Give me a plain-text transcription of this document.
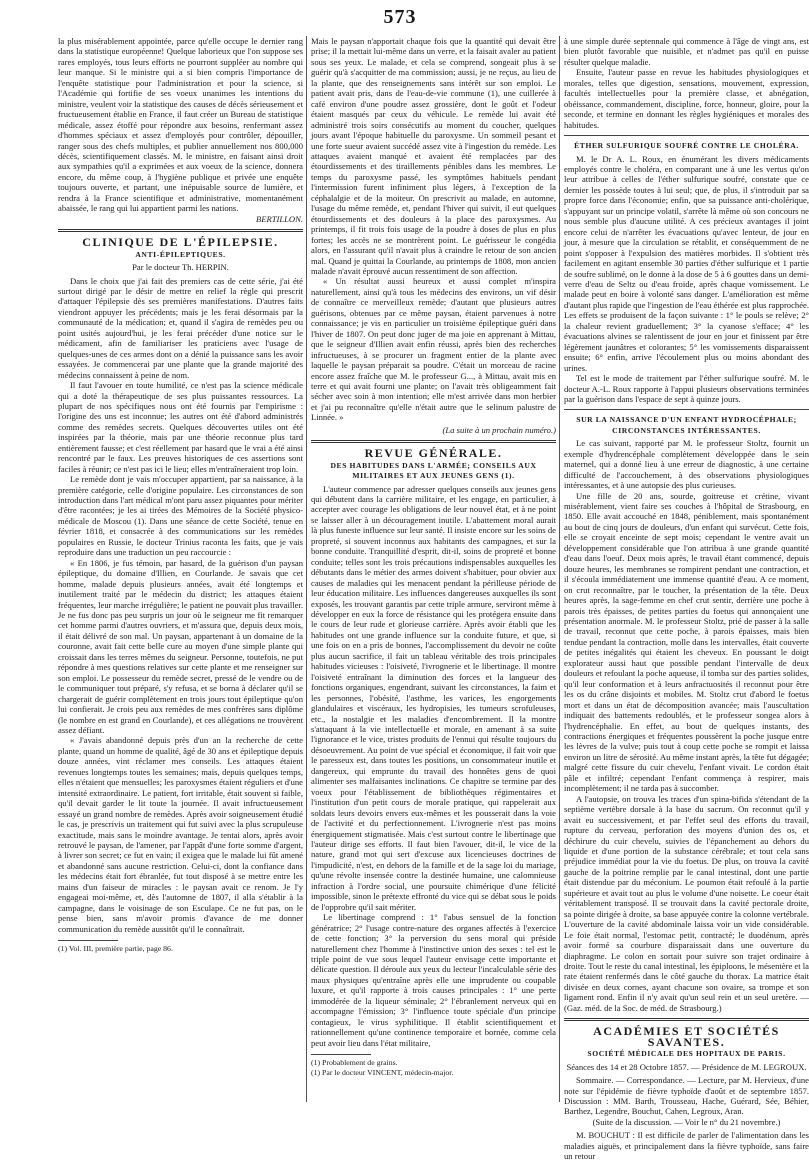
573

la plus misérablement appointée, parce qu'elle occupe le dernier rang dans la statistique européenne! Quelque laborieux que l'on suppose ses rares employés, tous leurs efforts ne pourront suppléer au nombre qui leur manque. Si le ministre qui a si bien compris l'importance de l'enquête statistique pour l'administration et pour la science, si l'Académie qui fortifie de ses voeux unanimes les intentions du ministre, veulent voir la statistique des causes de décès sérieusement et fructueusement établie en France, il faut créer un Bureau de statistique médicale, assez étoffé pour répondre aux besoins, renfermant assez d'hommes spéciaux et assez d'employés pour contrôler, dépouiller, ranger sous des chefs multiples, et publier annuellement nos 800,000 décès, scientifiquement classés. M. le ministre, en faisant ainsi droit aux sympathies qu'il a exprimées et aux voeux de la science, donnera encore, du même coup, à l'hygiène publique et privée une enquête toujours ouverte, et partant, une inépuisable source de lumière, et rendra à la France scientifique et administrative, momentanément abaissée, le rang qui lui appartient parmi les nations.

BERTILLON.

CLINIQUE DE L'ÉPILEPSIE.
ANTI-ÉPILEPTIQUES.
Par le docteur Th. HERPIN.

Dans le choix que j'ai fait des premiers cas de cette série, j'ai été surtout dirigé par le désir de mettre en relief la règle qui prescrit d'attaquer l'épilepsie dès ses premières manifestations. D'autres faits viendront appuyer les précédents; mais je les ferai désormais par la communauté de la médication; et, quand il s'agira de remèdes peu ou point usités aujourd'hui, je les ferai précéder d'une notice sur le médicament, afin de familiariser les praticiens avec l'usage de quelques-unes de ces armes dont on a dénié la puissance sans les avoir essayées. Je commencerai par une plante que la grande majorité des médecins connaissent à peine de nom.

Il faut l'avouer en toute humilité, ce n'est pas la science médicale qui a doté la thérapeutique de ses plus puissantes ressources. La plupart de nos spécifiques nous ont été fournis par l'empirisme : l'origine des uns est inconnue; les autres ont été d'abord administrés comme des remèdes secrets. Quelques découvertes utiles ont été inspirées par la théorie, mais par une théorie reconnue plus tard entièrement fausse; et c'est réellement par hasard que le vrai a été ainsi rencontré par le faux. Les preuves historiques de ces assertions sont faciles à réunir; ce n'est pas ici le lieu; elles m'entraîneraient trop loin.

Le remède dont je vais m'occuper appartient, par sa naissance, à la première catégorie, celle d'origine populaire. Les circonstances de son introduction dans l'art médical m'ont paru assez piquantes pour mériter d'être racontées; je les ai tirées des Mémoires de la Société physico-médicale de Moscou (1). Dans une séance de cette Société, tenue en février 1818, et consacrée à des communications sur les remèdes populaires en Russie, le docteur Trinius raconta les faits, que je vais reproduire dans une traduction un peu raccourcie :

« En 1806, je fus témoin, par hasard, de la guérison d'un paysan épileptique, du domaine d'Illien, en Courlande. Je savais que cet homme, malade depuis plusieurs années, avait été longtemps et inutilement traité par le médecin du district; les attaques étaient fréquentes, leur marche irrégulière; le patient ne pouvait plus travailler. Je ne fus donc pas peu surpris un jour où le seigneur me fit remarquer cet homme parmi d'autres ouvriers, et m'assura que, depuis deux mois, il était délivré de son mal. Un paysan, appartenant à un domaine de la couronne, avait fait cette belle cure au moyen d'une simple plante qui croissait dans les terres mêmes du seigneur. Personne, toutefois, ne put répondre à mes questions relatives sur cette plante et me renseigner sur son emploi. Le possesseur du remède secret, pressé de le vendre ou de le communiquer tout préparé, s'y refusa, et se borna à déclarer qu'il se chargerait de guérir complètement en trois jours tout épileptique qu'on lui confierait. Je crois peu aux remèdes de mes confrères sans diplôme (le nombre en est grand en Courlande), et ces allégations ne trouvèrent assez défiant.

« J'avais abandonné depuis près d'un an la recherche de cette plante, quand un homme de qualité, âgé de 30 ans et épileptique depuis douze années, vint réclamer mes conseils. Les attaques étaient revenues longtemps toutes les semaines; mais, depuis quelques temps, elles n'étaient que mensuelles; les paroxysmes étaient réguliers et d'une intensité extraordinaire. Le patient, fort irritable, était souvent si faible, qu'il devait garder le lit toute la journée. Il avait infructueusement essayé un grand nombre de remèdes. Après avoir soigneusement étudié le cas, je prescrivis un traitement qui fut suivi avec la plus scrupuleuse exactitude, mais sans le moindre avantage. Je tentai alors, après avoir retrouvé le paysan, de l'amener, par l'appât d'une forte somme d'argent, à livrer son secret; ce fut en vain; il exigea que le malade lui fût amené et abandonné sans aucune restriction. Celui-ci, dont la confiance dans les médecins était fort ébranlée, fut tout disposé à se mettre entre les mains d'un faiseur de miracles : le paysan avait ce renom. Je l'y engageai moi-même, et, dès l'automne de 1807, il alla s'établir à la campagne, dans le voisinage de son Esculape. Ce ne fut pas, on le pense bien, sans m'avoir promis d'avance de me donner communication du remède aussitôt qu'il le connaîtrait.

(1) Vol. III, première partie, page 86.

Mais le paysan n'apportait chaque fois que la quantité qui devait être prise; il la mettait lui-même dans un verre, et la faisait avaler au patient sous ses yeux. Le malade, et cela se comprend, songeait plus à se guérir qu'à s'acquitter de ma commission; aussi, je ne reçus, au lieu de la plante, que des renseignements sans intérêt sur son emploi. Le patient avait pris, dans de l'eau-de-vie commune (1), une cuillerée à café environ d'une poudre assez grossière, dont le goût et l'odeur étaient masqués par ceux du véhicule. Le remède lui avait été administré trois soirs consécutifs au moment du coucher, quelques jours avant l'époque habituelle du paroxysme. Un sommeil pesant et une forte sueur avaient succédé assez vite à l'ingestion du remède. Les attaques avaient manqué et avaient été remplacées par des étourdissements et des tiraillements pénibles dans les membres. Le temps du paroxysme passé, les symptômes habituels pendant l'intermission furent infiniment plus légers, à l'exception de la céphalalgie et de la moiteur. On prescrivit au malade, en automne, l'usage du même remède, et, pendant l'hiver qui suivit, il eut quelques étourdissements et des douleurs à la place des paroxysmes. Au printemps, il fit trois fois usage de la poudre à doses de plus en plus fortes; les accès ne se montrèrent point. Le guérisseur le congédia alors, en l'assurant qu'il n'avait plus à craindre le retour de son ancien mal. Quand je quittai la Courlande, au printemps de 1808, mon ancien malade n'avait éprouvé aucun ressentiment de son affection.

« Un résultat aussi heureux et aussi complet m'inspira naturellement, ainsi qu'à tous les médecins des environs, un vif désir de connaître ce merveilleux remède; d'autant que plusieurs autres guérisons, obtenues par ce même paysan, étaient parvenues à notre connaissance; je vis en particulier un troisième épileptique guéri dans l'hiver de 1807. On peut donc juger de ma joie en apprenant à Mittau, que le seigneur d'Illien avait enfin réussi, après bien des recherches infructueuses, à se procurer un fragment entier de la plante avec laquelle le paysan préparait sa poudre. C'était un morceau de racine encore assez fraîche que M. le professeur G..., à Mittau, avait mis en terre et qui avait fourni une plante; on l'avait très obligeamment fait sécher avec soin à mon intention; elle m'est arrivée dans mon herbier et j'ai pu reconnaître qu'elle n'était autre que le selinum palustre de Linnée. »

(La suite à un prochain numéro.)

REVUE GÉNÉRALE.
DES HABITUDES DANS L'ARMÉE; CONSEILS AUX MILITAIRES ET AUX JEUNES GENS (1).

L'auteur commence par adresser quelques conseils aux jeunes gens qui débutent dans la carrière militaire, et les engage, en particulier, à accepter avec courage les obligations de leur nouvel état, et à ne point se laisser aller à un découragement inutile. L'abattement moral aurait là plus funeste influence sur leur santé. Il insiste encore sur les soins de propreté, si souvent inconnus aux habitants des campagnes, et sur la bonne conduite. Tranquillité d'esprit, dit-il, soins de propreté et bonne conduite; telles sont les trois précautions indispensables auxquelles les débutants dans le métier des armes doivent s'habituer, pour obvier aux causes de maladies qui les menacent pendant la périlleuse période de leur éducation militaire. Les influences dangereuses auxquelles ils sont exposés, les trouvant garantis par cette triple armure, serviront même à développer en eux la force de résistance qui les protégera ensuite dans le cours de leur rude et glorieuse carrière. Après avoir établi que les habitudes ont une grande influence sur la conduite future, et que, si une fois on en a pris de bonnes, l'accomplissement du devoir ne coûte plus aucun sacrifice, il fait un tableau véritable des trois principales habitudes vicieuses : l'oisiveté, l'ivrognerie et le libertinage. Il montre l'oisiveté entraînant la diminution des forces et la langueur des fonctions organiques, engendrant, suivant les circonstances, la faim et les personnes, l'obésité, l'asthme, les varices, les engorgements glandulaires et viscéraux, les hydropisies, les tumeurs scrofuleuses, etc., la nostalgie et les maladies d'encombrement. Il la montre s'attaquant à la vie intellectuelle et morale, en amenant à sa suite l'ignorance et le vice, tristes produits de l'ennui qui résulte toujours du désoeuvrement. Au point de vue spécial et économique, il fait voir que le paresseux est, dans toutes les positions, un consommateur inutile et dangereux, qui emprunte du travail des honnêtes gens de quoi alimenter ses malfaisantes inclinations. Ce chapitre se termine par des voeux pour l'établissement de bibliothèques régimentaires et l'institution d'un petit cours de morale pratique, qui rappelerait aux soldats leurs devoirs envers eux-mêmes et les pousserait dans la voie de l'activité et du perfectionnement. L'ivrognerie n'est pas moins énergiquement stigmatisée. Mais c'est surtout contre le libertinage que l'auteur dirige ses efforts. Il faut bien l'avouer, dit-il, le vice de la nature, grand mot qui sert d'excuse aux licencieuses doctrines de l'impudicité, n'est, en dehors de la famille et de la sage loi du mariage, qu'une révolte insensée contre la destinée humaine, une calomnieuse infraction à l'ordre social, une poursuite chimérique d'une félicité impossible, sinon le prétexte effronté du vice qui se débat sous le poids de l'opprobre qu'il sait mériter.

Le libertinage comprend : 1° l'abus sensuel de la fonction génératrice; 2° l'usage contre-nature des organes affectés à l'exercice de cette fonction; 3° la perversion du sens moral qui préside naturellement chez l'homme à l'instinctive union des sexes : tel est le triple point de vue sous lequel l'auteur envisage cette importante et délicate question. Il déroule aux yeux du lecteur l'incalculable série des maux physiques qu'entraîne après elle une imprudente ou coupable luxure, et qu'il rapporte à trois causes principales : 1° une perte immodérée de la liqueur séminale; 2° l'ébranlement nerveux qui en accompagne l'émission; 3° l'influence toute spéciale d'un principe contagieux, le virus syphilitique. Il établit scientifiquement et rationnellement qu'une continence temporaire et bornée, comme cela peut avoir lieu dans l'état militaire,

(1) Probablement de grains.

(1) Par le docteur VINCENT, médecin-major.

à une simple durée septennale qui commence à l'âge de vingt ans, est bien plutôt favorable que nuisible, et n'admet pas qu'il en puisse résulter quelque maladie.

Ensuite, l'auteur passe en revue les habitudes physiologiques et morales, telles que digestion, sensations, mouvement, expression, facultés intellectuelles pour la première classe, et abnégation, obéissance, commandement, discipline, force, honneur, gloire, pour la seconde, et termine en donnant les règles hygiéniques et morales des habitudes.

ÉTHER SULFURIQUE SOUFRÉ CONTRE LE CHOLÉRA.

M. le Dr A. L. Roux, en énumérant les divers médicaments employés contre le choléra, en comparant une à une les vertus qu'on leur attribue à celles de l'éther sulfurique soufré, constate que ce dernier les possède toutes à lui seul; que, de plus, il s'introduit par sa propre force dans l'économie; enfin, que sa puissance anti-cholérique, s'appuyant sur un principe volatil, s'arrête là même où son concours ne nous semble plus d'aucune utilité. A ces précieux avantages il joint encore celui de n'arrêter les évacuations qu'avec lenteur, de jour en jour, à mesure que la circulation se rétablit, et conséquemment de ne point s'opposer à l'expulsion des matières morbides. Il s'obtient très facilement en agitant ensemble 30 parties d'éther sulfurique et 1 partie de soufre sublimé, on le donne à la dose de 5 à 6 gouttes dans un demi-verre d'eau de Seltz ou d'eau froide, après chaque vomissement. Le malade peut en boire à volonté sans danger. L'amélioration est même d'autant plus rapide que l'ingestion de l'eau éthérée est plus rapprochée. Les effets se produisent de la façon suivante : 1° le pouls se relève; 2° la chaleur revient graduellement; 3° la cyanose s'efface; 4° les évacuations alvines se ralentissent de jour en jour et finissent par être légèrement jaunâtres et colorantes; 5° les vomissements disparaissent ensuite; 6° enfin, arrive l'écoulement plus ou moins abondant des urines.

Tel est le mode de traitement par l'éther sulfurique soufré. M. le docteur A.-L. Roux rapporte à l'appui plusieurs observations terminées par la guérison dans l'espace de sept à quinze jours.

SUR LA NAISSANCE D'UN ENFANT HYDROCÉPHALE; CIRCONSTANCES INTÉRESSANTES.

Le cas suivant, rapporté par M. le professeur Stoltz, fournit un exemple d'hydrencéphale complètement développée dans le sein maternel, qui a donné lieu à une erreur de diagnostic, à une certaine difficulté de l'accouchement, à des observations physiologiques intéressantes, et à une autopsie des plus curieuses.

Une fille de 20 ans, sourde, goitreuse et crétine, vivant misérablement, vient faire ses couches à l'hôpital de Strasbourg, en 1850. Elle avait accouché en 1848, péniblement, mais spontanément au bout de cinq jours de douleurs, d'un enfant qui survécut. Cette fois, elle se croyait enceinte de sept mois; cependant le ventre avait un développement considérable que l'on attribua à une grande quantité d'eau dans l'oeuf. Deux mois après, le travail étant commencé, depuis douze heures, les membranes se rompirent pendant une contraction, et il s'écoula immédiatement une immense quantité d'eau. A ce moment, on crut reconnaître, par le toucher, la présentation de la tête. Deux heures après, la sage-femme en chef crut sentir, derrière une poche à parois très épaisses, de petites parties du foetus qui annonçaient une présentation anormale. M. le professeur Stoltz, prié de passer à la salle de travail, reconnut que cette poche, à parois épaisses, mais bien tendue pendant la contraction, molle dans les intervalles, était couverte de petites inégalités qui étaient les cheveux. En poussant le doigt explorateur aussi haut que possible pendant l'intervalle de deux douleurs et refoulant la poche aqueuse, il tomba sur des parties solides, qu'il leur conformation et à leurs anfractuosités il reconnut pour être les os du crâne disjoints et mobiles. M. Stoltz crut d'abord le foetus mort et dans un état de décomposition avancée; mais l'auscultation indiquait des battements redoublés, et le professeur songea alors à l'hydrencéphalie. En effet, au bout de quelques instants, des contractions énergiques et fréquentes poussèrent la poche jusque entre les lèvres de la vulve; puis tout à coup cette poche se rompit et laissa environ un litre de sérosité. Au même instant après, la tête fut dégagée; malgré cette fissure du cuir chevelu, l'enfant vivait. Le cordon était pâle et infiltré; cependant l'enfant commença à respirer, mais incomplètement; il ne tarda pas à succomber.

A l'autopsie, on trouva les traces d'un spina-bifida s'étendant de la septième vertèbre dorsale à la base du sacrum. On reconnut qu'il y avait eu successivement, et par l'effet seul des efforts du travail, rupture du cerveau, perforation des moyens d'union des os, et déchirure du cuir chevelu, suivies de l'épanchement au dehors du liquide et d'une portion de la substance cérébrale; et tout cela sans préjudice immédiat pour la vie du foetus. De plus, on trouva la cavité gauche de la poitrine remplie par le canal intestinal, dont une partie était distendue par du méconium. Le poumon était refoulé à la partie supérieure et avait tout au plus le volume d'une noisette. Le coeur était véritablement transposé. Il se trouvait dans la cavité pectorale droite, sa pointe dirigée à droite, sa base appuyée contre la colonne vertébrale. L'ouverture de la cavité abdominale laissa voir un vide considérable. Le foie était normal, l'estomac petit, contracté; le duodénum, après avoir formé sa courbure disparaissait dans une ouverture du diaphragme. Le colon en sortait pour suivre son trajet ordinaire à droite. Tout le reste du canal intestinal, les épiploons, le mésentère et la rate étaient renfermés dans le côté gauche du thorax. La matrice était divisée en deux cornes, ayant chacune son ovaire, sa trompe et son ligament rond. Enfin il n'y avait qu'un seul rein et un seul uretère. — (Gaz. méd. de la Soc. de méd. de Strasbourg.)

ACADÉMIES ET SOCIÉTÉS SAVANTES.
SOCIÉTÉ MÉDICALE DES HOPITAUX DE PARIS.
Séances des 14 et 28 Octobre 1857. — Présidence de M. LEGROUX.

Sommaire. — Correspondance. — Lecture, par M. Hervieux, d'une note sur l'épidémie de fièvre typhoïde d'août et de septembre 1857. Discussion : MM. Barth, Trousseau, Hache, Guérard, Sée, Béhier, Barthez, Legendre, Bouchut, Cahen, Legroux, Aran.

(Suite de la discussion. — Voir le n° du 21 novembre.)

M. BOUCHUT : Il est difficile de parler de l'alimentation dans les maladies aiguës, et principalement dans la fièvre typhoïde, sans faire un retour
